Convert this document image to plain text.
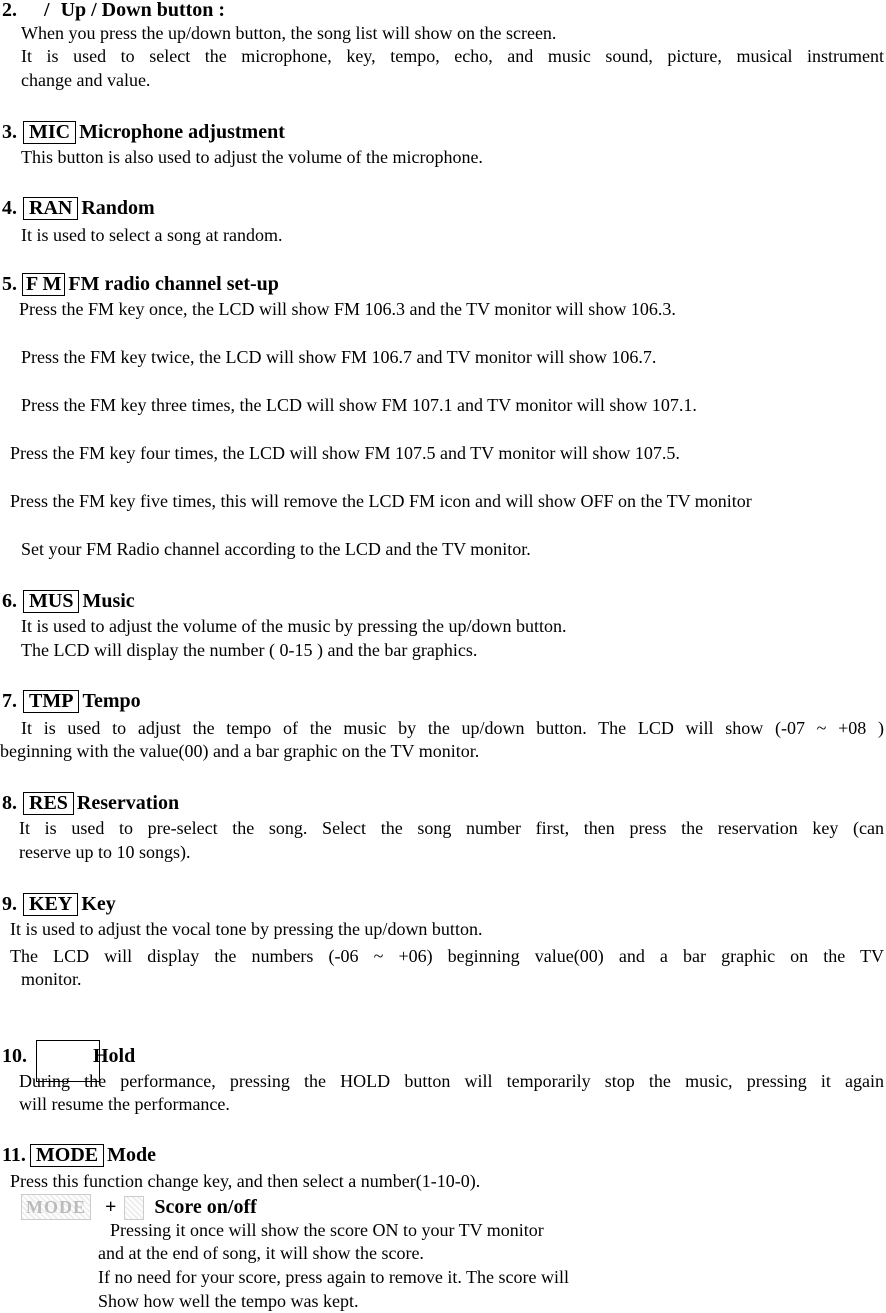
2. / Up / Down button :
When you press the up/down button, the song list will show on the screen.
It is used to select the microphone, key, tempo, echo, and music sound, picture, musical instrument
change and value.
3. MIC Microphone adjustment
This button is also used to adjust the volume of the microphone.
4. RAN Random
It is used to select a song at random.
5. F M FM radio channel set-up
Press the FM key once, the LCD will show FM 106.3 and the TV monitor will show 106.3.
Press the FM key twice, the LCD will show FM 106.7 and TV monitor will show 106.7.
Press the FM key three times, the LCD will show FM 107.1 and TV monitor will show 107.1.
Press the FM key four times, the LCD will show FM 107.5 and TV monitor will show 107.5.
Press the FM key five times, this will remove the LCD FM icon and will show OFF on the TV monitor
Set your FM Radio channel according to the LCD and the TV monitor.
6. MUS Music
It is used to adjust the volume of the music by pressing the up/down button.
The LCD will display the number ( 0-15 ) and the bar graphics.
7. TMP Tempo
It is used to adjust the tempo of the music by the up/down button. The LCD will show (-07 ~ +08 )
beginning with the value(00) and a bar graphic on the TV monitor.
8. RES Reservation
It is used to pre-select the song. Select the song number first, then press the reservation key (can
reserve up to 10 songs).
9. KEY Key
It is used to adjust the vocal tone by pressing the up/down button.
The LCD will display the numbers (-06 ~ +06) beginning value(00) and a bar graphic on the TV
monitor.
10.	Hold
During the performance, pressing the HOLD button will temporarily stop the music, pressing it again
will resume the performance.
11. MODE Mode
Press this function change key, and then select a number(1-10-0).
MODE + Score on/off
Pressing it once will show the score ON to your TV monitor
and at the end of song, it will show the score.
If no need for your score, press again to remove it. The score will
Show how well the tempo was kept.
